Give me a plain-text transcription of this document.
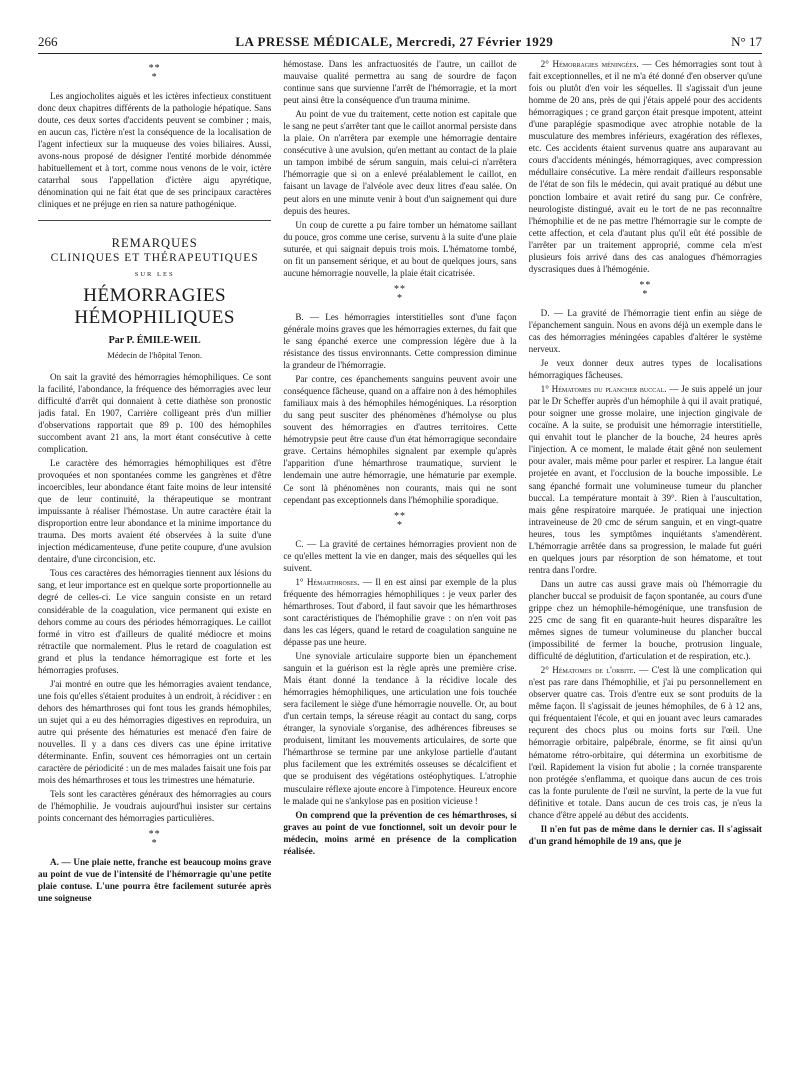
266	LA PRESSE MÉDICALE, Mercredi, 27 Février 1929	N° 17
**
*

Les angiocholites aiguës et les ictères infectieux constituent donc deux chapitres différents de la pathologie hépatique. Sans doute, ces deux sortes d'accidents peuvent se combiner ; mais, en aucun cas, l'ictère n'est la conséquence de la localisation de l'agent infectieux sur la muqueuse des voies biliaires. Aussi, avons-nous proposé de désigner l'entité morbide dénommée habituellement et à tort, comme nous venons de le voir, ictère catarrhal sous l'appellation d'ictère aigu apyrétique, dénomination qui ne fait état que de ses principaux caractères cliniques et ne préjuge en rien sa nature pathogénique.

REMARQUES
CLINIQUES ET THÉRAPEUTIQUES
SUR LES
HÉMORRAGIES HÉMOPHILIQUES
Par P. ÉMILE-WEIL
Médecin de l'hôpital Tenon.

On sait la gravité des hémorragies hémophiliques. Ce sont la facilité, l'abondance, la fréquence des hémorragies avec leur difficulté d'arrêt qui donnaient à cette diathèse son pronostic jadis fatal. En 1907, Carrière colligeant près d'un millier d'observations rapportait que 89 p. 100 des hémophiles succombent avant 21 ans, la mort étant consécutive à cette complication.

Le caractère des hémorragies hémophiliques est d'être provoquées et non spontanées comme les gangrènes et d'être incoercibles, leur abondance étant faite moins de leur intensité que de leur continuité, la thérapeutique se montrant impuissante à réaliser l'hémostase. Un autre caractère était la disproportion entre leur abondance et la minime importance du trauma. Des morts avaient été observées à la suite d'une injection médicamenteuse, d'une petite coupure, d'une avulsion dentaire, d'une circoncision, etc.

Tous ces caractères des hémorragies tiennent aux lésions du sang, et leur importance est en quelque sorte proportionnelle au degré de celles-ci. Le vice sanguin consiste en un retard considérable de la coagulation, vice permanent qui existe en dehors comme au cours des périodes hémorragiques. Le caillot formé in vitro est d'ailleurs de qualité médiocre et moins rétractile que normalement. Plus le retard de coagulation est grand et plus la tendance hémorragique est forte et les hémorragies profuses.

J'ai montré en outre que les hémorragies avaient tendance, une fois qu'elles s'étaient produites à un endroit, à récidiver : en dehors des hémarthroses qui font tous les grands hémophiles, un sujet qui a eu des hémorragies digestives en reproduira, un autre qui présente des hématuries est menacé d'en faire de nouvelles. Il y a dans ces divers cas une épine irritative déterminante. Enfin, souvent ces hémorragies ont un certain caractère de périodicité : un de mes malades faisait une fois par mois des hémarthroses et tous les trimestres une hématurie.

Tels sont les caractères généraux des hémorragies au cours de l'hémophilie. Je voudrais aujourd'hui insister sur certains points concernant des hémorragies particulières.

**
*

A. — Une plaie nette, franche est beaucoup moins grave au point de vue de l'intensité de l'hémorragie qu'une petite plaie contuse. L'une pourra être facilement suturée après une soigneuse

hémostase. Dans les anfractuosités de l'autre, un caillot de mauvaise qualité permettra au sang de sourdre de façon continue sans que survienne l'arrêt de l'hémorragie, et la mort peut ainsi être la conséquence d'un trauma minime.

Au point de vue du traitement, cette notion est capitale que le sang ne peut s'arrêter tant que le caillot anormal persiste dans la plaie. On n'arrêtera par exemple une hémorragie dentaire consécutive à une avulsion, qu'en mettant au contact de la plaie un tampon imbibé de sérum sanguin, mais celui-ci n'arrêtera l'hémorragie que si on a enlevé préalablement le caillot, en faisant un lavage de l'alvéole avec deux litres d'eau salée. On peut alors en une minute venir à bout d'un saignement qui dure depuis des heures.

Un coup de curette a pu faire tomber un hématome saillant du pouce, gros comme une cerise, survenu à la suite d'une plaie suturée, et qui saignait depuis trois mois. L'hématome tombé, on fit un pansement sérique, et au bout de quelques jours, sans aucune hémorragie nouvelle, la plaie était cicatrisée.

**
*

B. — Les hémorragies interstitielles sont d'une façon générale moins graves que les hémorragies externes, du fait que le sang épanché exerce une compression légère due à la résistance des tissus environnants. Cette compression diminue la grandeur de l'hémorragie.

Par contre, ces épanchements sanguins peuvent avoir une conséquence fâcheuse, quand on a affaire non à des hémophiles familiaux mais à des hémophiles hémogéniques. La résorption du sang peut susciter des phénomènes d'hémolyse ou plus souvent des hémorragies en d'autres territoires. Cette hémotrypsie peut être cause d'un état hémorragique secondaire grave. Certains hémophiles signalent par exemple qu'après l'apparition d'une hémarthrose traumatique, survient le lendemain une autre hémorragie, une hématurie par exemple. Ce sont là phénomènes non courants, mais qui ne sont cependant pas exceptionnels dans l'hémophilie sporadique.

**
*

C. — La gravité de certaines hémorragies provient non de ce qu'elles mettent la vie en danger, mais des séquelles qui les suivent.

1° Hémarthroses. — Il en est ainsi par exemple de la plus fréquente des hémorragies hémophiliques : je veux parler des hémarthroses. Tout d'abord, il faut savoir que les hémarthroses sont caractéristiques de l'hémophilie grave : on n'en voit pas dans les cas légers, quand le retard de coagulation sanguine ne dépasse pas une heure.

Une synoviale articulaire supporte bien un épanchement sanguin et la guérison est la règle après une première crise. Mais étant donné la tendance à la récidive locale des hémorragies hémophiliques, une articulation une fois touchée sera facilement le siège d'une hémorragie nouvelle. Or, au bout d'un certain temps, la séreuse réagit au contact du sang, corps étranger, la synoviale s'organise, des adhérences fibreuses se produisent, limitant les mouvements articulaires, de sorte que l'hémarthrose se termine par une ankylose partielle d'autant plus facilement que les extrémités osseuses se décalcifient et que se produisent des végétations ostéophytiques. L'atrophie musculaire réflexe ajoute encore à l'impotence. Heureux encore le malade qui ne s'ankylose pas en position vicieuse !

On comprend que la prévention de ces hémarthroses, si graves au point de vue fonctionnel, soit un devoir pour le médecin, moins armé en présence de la complication réalisée.

2° Hémorragies méningées. — Ces hémorragies sont tout à fait exceptionnelles, et il ne m'a été donné d'en observer qu'une fois ou plutôt d'en voir les séquelles. Il s'agissait d'un jeune homme de 20 ans, près de qui j'étais appelé pour des accidents hémorragiques ; ce grand garçon était presque impotent, atteint d'une paraplégie spasmodique avec atrophie notable de la musculature des membres inférieurs, exagération des réflexes, etc. Ces accidents étaient survenus quatre ans auparavant au cours d'accidents méningés, hémorragiques, avec compression médullaire consécutive. La mère rendait d'ailleurs responsable de l'état de son fils le médecin, qui avait pratiqué au début une ponction lombaire et avait retiré du sang pur. Ce confrère, neurologiste distingué, avait eu le tort de ne pas reconnaître l'hémophilie et de ne pas mettre l'hémorragie sur le compte de cette affection, et cela d'autant plus qu'il eût été possible de l'arrêter par un traitement approprié, comme cela m'est plusieurs fois arrivé dans des cas analogues d'hémorragies dyscrasiques dues à l'hémogénie.

**
*

D. — La gravité de l'hémorragie tient enfin au siège de l'épanchement sanguin. Nous en avons déjà un exemple dans le cas des hémorragies méningées capables d'altérer le système nerveux.

Je veux donner deux autres types de localisations hémorragiques fâcheuses.

1° Hématomes du plancher buccal. — Je suis appelé un jour par le Dr Scheffer auprès d'un hémophile à qui il avait pratiqué, pour soigner une grosse molaire, une injection gingivale de cocaïne. A la suite, se produisit une hémorragie interstitielle, qui envahit tout le plancher de la bouche, 24 heures après l'injection. A ce moment, le malade était gêné non seulement pour avaler, mais même pour parler et respirer. La langue était projetée en avant, et l'occlusion de la bouche impossible. Le sang épanché formait une volumineuse tumeur du plancher buccal. La température montait à 39°. Rien à l'auscultation, mais gêne respiratoire marquée. Je pratiquai une injection intraveineuse de 20 cmc de sérum sanguin, et en vingt-quatre heures, tous les symptômes inquiétants s'amendèrent. L'hémorragie arrêtée dans sa progression, le malade fut guéri en quelques jours par résorption de son hématome, et tout rentra dans l'ordre.

Dans un autre cas aussi grave mais où l'hémorragie du plancher buccal se produisit de façon spontanée, au cours d'une grippe chez un hémophile-hémogénique, une transfusion de 225 cmc de sang fit en quarante-huit heures disparaître les mêmes signes de tumeur volumineuse du plancher buccal (impossibilité de fermer la bouche, protrusion linguale, difficulté de déglutition, d'articulation et de respiration, etc.).

2° Hématomes de l'orbite. — C'est là une complication qui n'est pas rare dans l'hémophilie, et j'ai pu personnellement en observer quatre cas. Trois d'entre eux se sont produits de la même façon. Il s'agissait de jeunes hémophiles, de 6 à 12 ans, qui fréquentaient l'école, et qui en jouant avec leurs camarades reçurent des chocs plus ou moins forts sur l'œil. Une hémorragie orbitaire, palpébrale, énorme, se fit ainsi qu'un hématome rétro-orbitaire, qui détermina un exorbitisme de l'œil. Rapidement la vision fut abolie ; la cornée transparente non protégée s'enflamma, et quoique dans aucun de ces trois cas la fonte purulente de l'œil ne survînt, la perte de la vue fut définitive et totale. Dans aucun de ces trois cas, je n'eus la chance d'être appelé au début des accidents.

Il n'en fut pas de même dans le dernier cas. Il s'agissait d'un grand hémophile de 19 ans, que je
